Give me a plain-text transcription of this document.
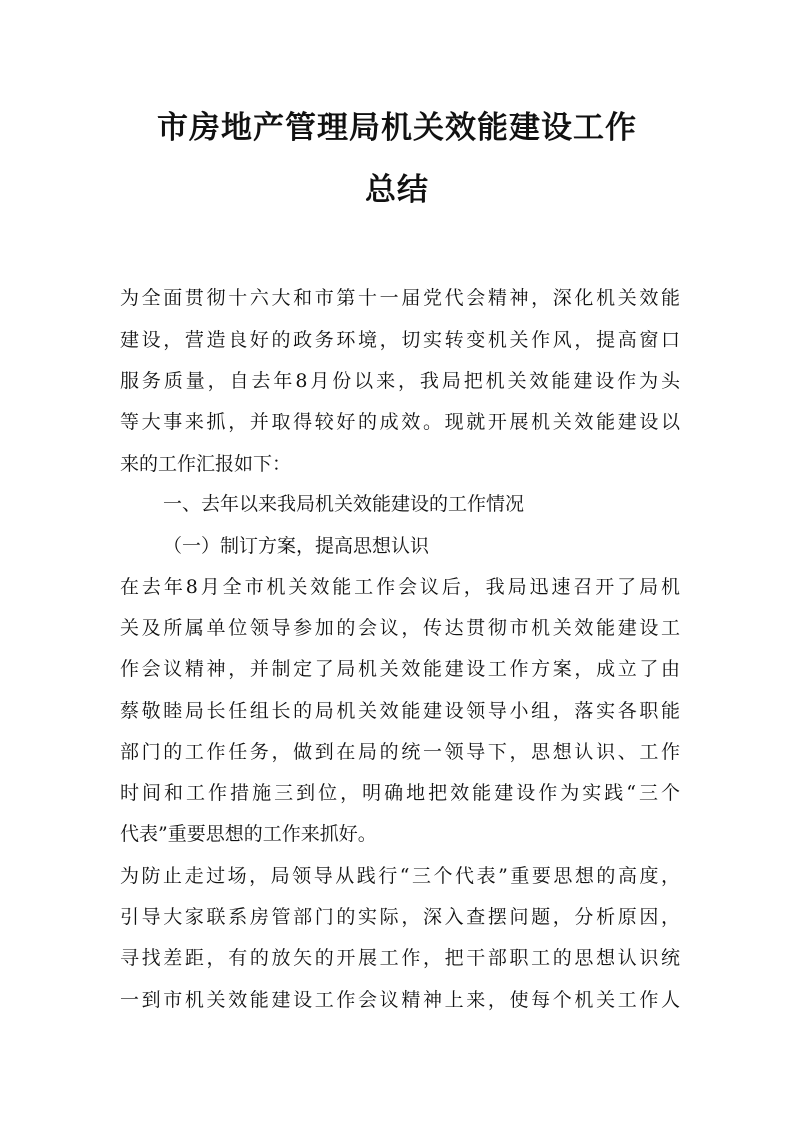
市房地产管理局机关效能建设工作
总结
为全面贯彻十六大和市第十一届党代会精神，深化机关效能
建设，营造良好的政务环境，切实转变机关作风，提高窗口
服务质量，自去年8月份以来，我局把机关效能建设作为头
等大事来抓，并取得较好的成效。现就开展机关效能建设以
来的工作汇报如下：
一、去年以来我局机关效能建设的工作情况
（一）制订方案，提高思想认识
在去年8月全市机关效能工作会议后，我局迅速召开了局机
关及所属单位领导参加的会议，传达贯彻市机关效能建设工
作会议精神，并制定了局机关效能建设工作方案，成立了由
蔡敬睦局长任组长的局机关效能建设领导小组，落实各职能
部门的工作任务，做到在局的统一领导下，思想认识、工作
时间和工作措施三到位，明确地把效能建设作为实践“三个
代表”重要思想的工作来抓好。
为防止走过场，局领导从践行“三个代表”重要思想的高度，
引导大家联系房管部门的实际，深入查摆问题，分析原因，
寻找差距，有的放矢的开展工作，把干部职工的思想认识统
一到市机关效能建设工作会议精神上来，使每个机关工作人
